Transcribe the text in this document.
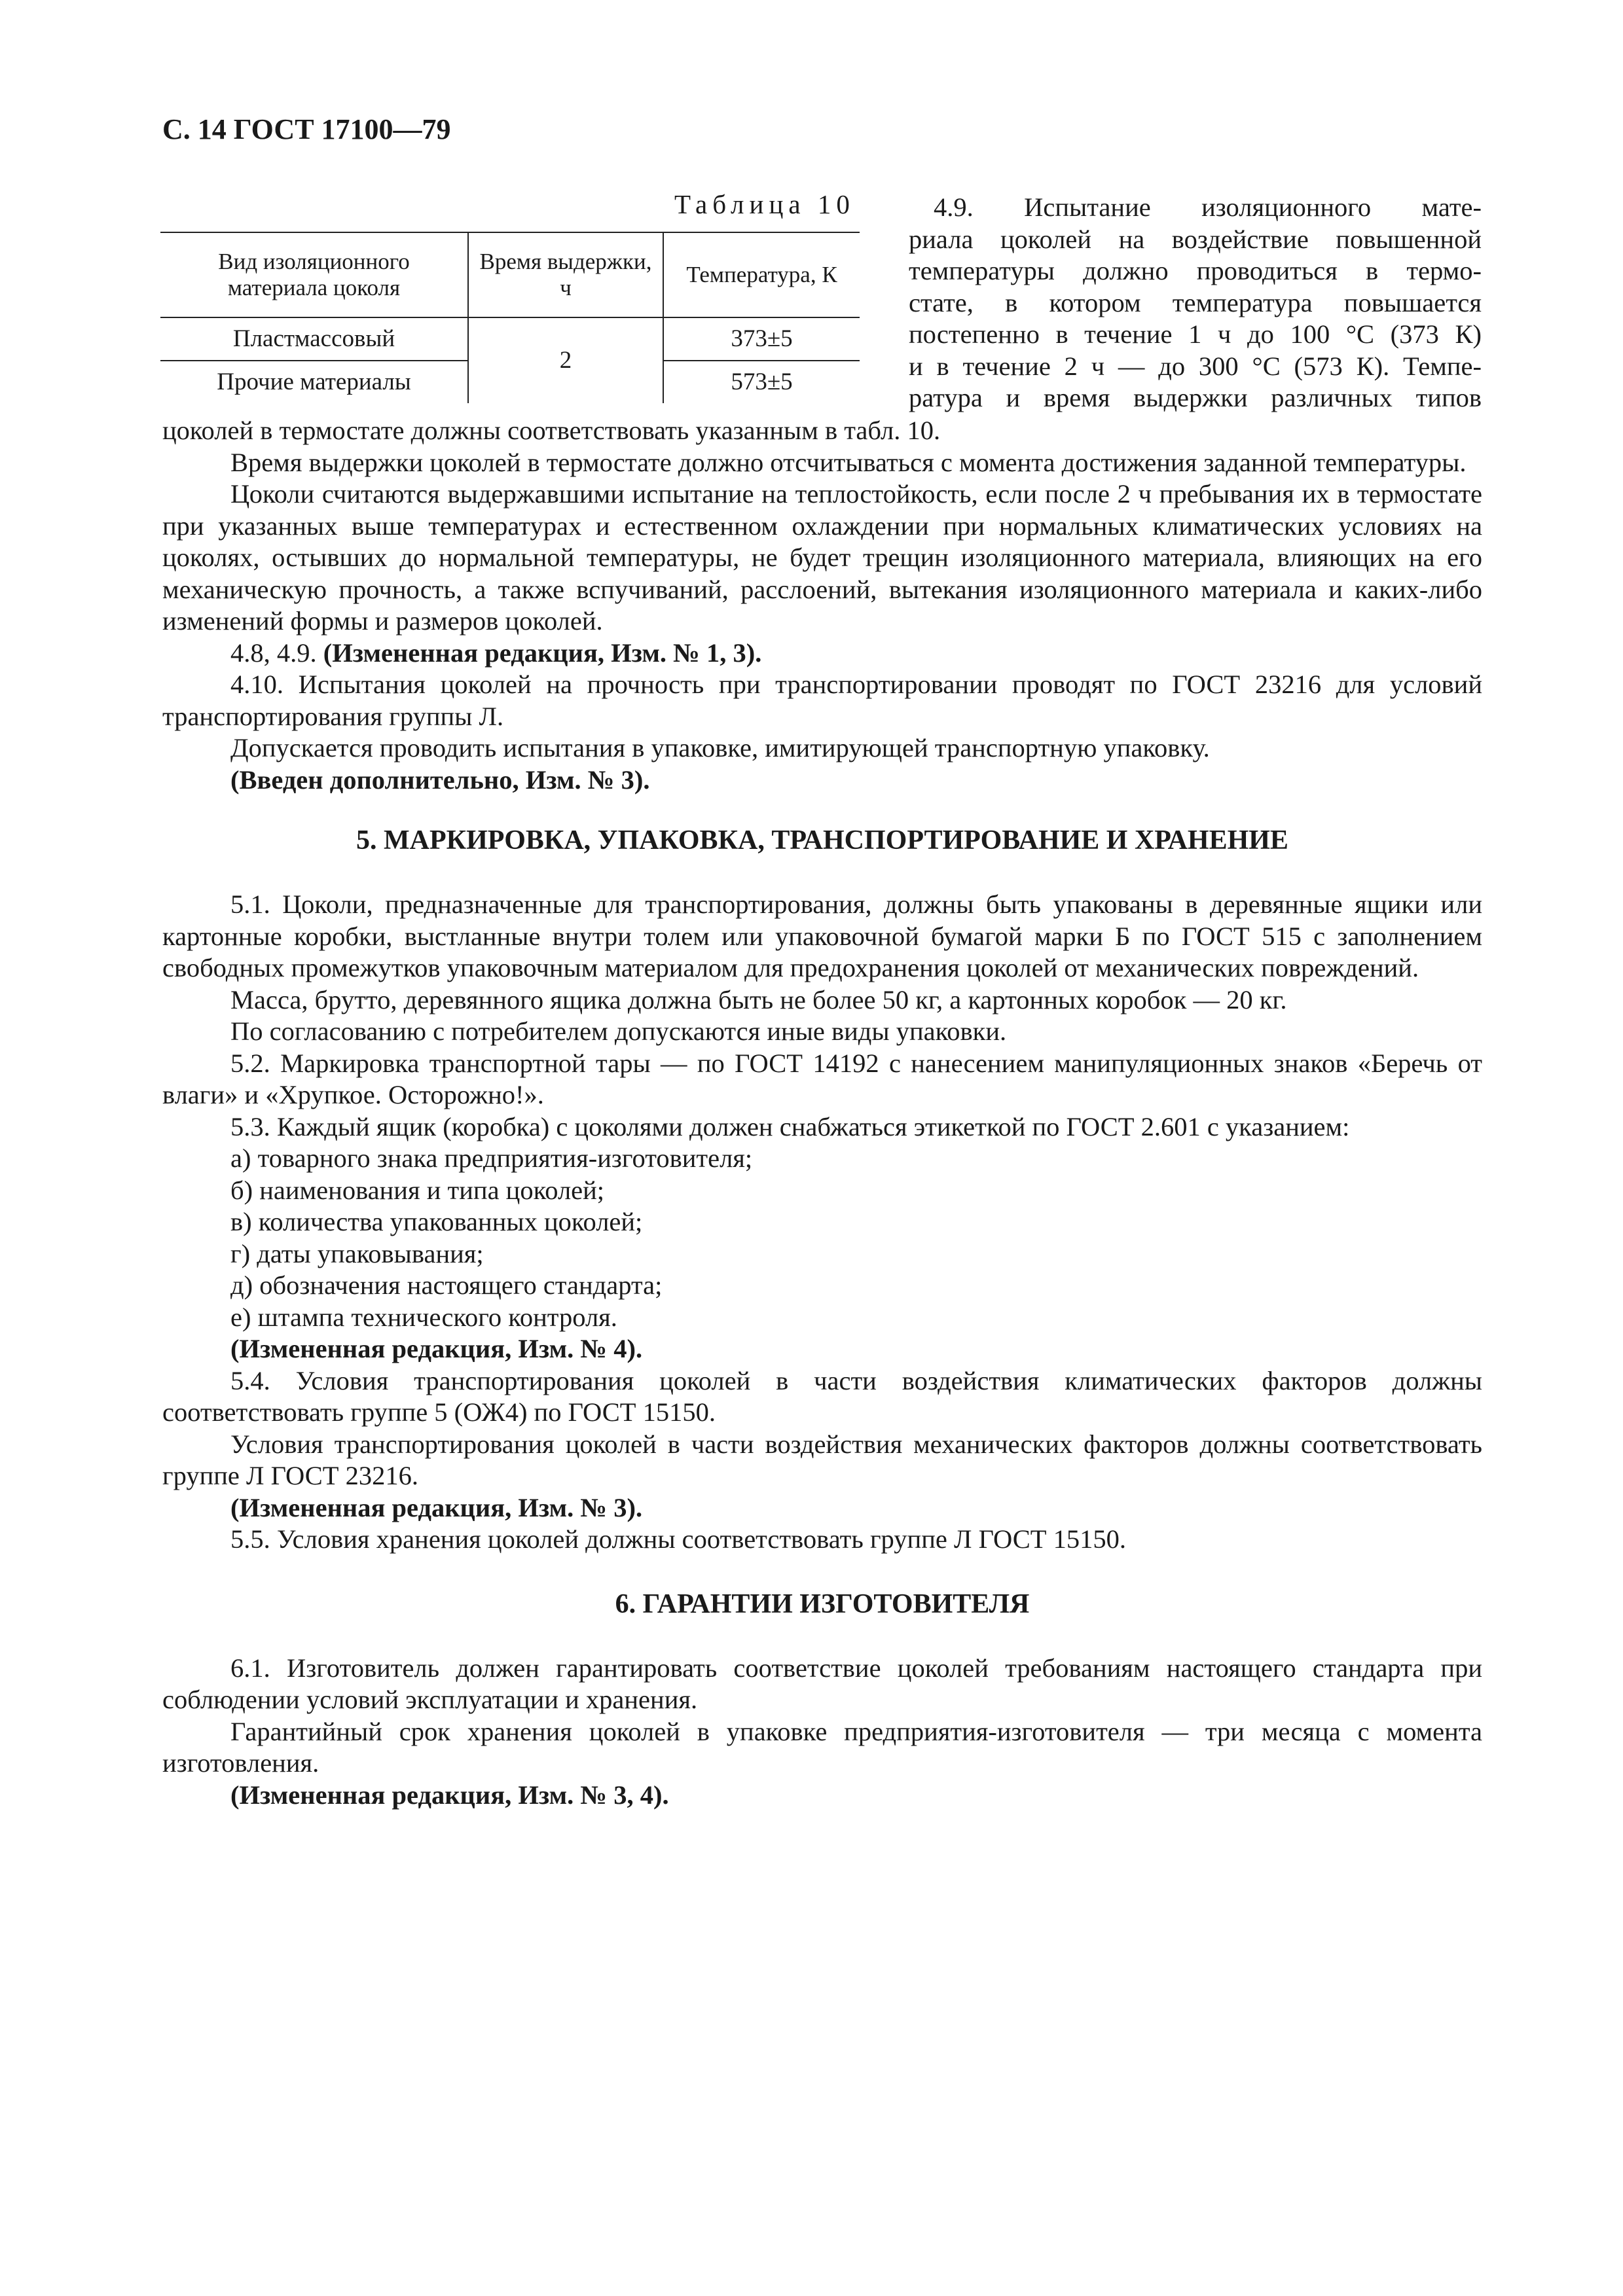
С. 14 ГОСТ 17100—79
Таблица 10
Вид изоляционного материала цоколя	Время выдержки, ч	Температура, К
Пластмассовый	2	373±5
Прочие материалы		573±5

4.9. Испытание изоляционного мате-

риала цоколей на воздействие повышенной

температуры должно проводиться в термо-

стате, в котором температура повышается

постепенно в течение 1 ч до 100 °С (373 К)

и в течение 2 ч — до 300 °С (573 К). Темпе-

ратура и время выдержки различных типов

цоколей в термостате должны соответствовать указанным в табл. 10.

Время выдержки цоколей в термостате должно отсчитываться с момента достижения заданной температуры.

Цоколи считаются выдержавшими испытание на теплостойкость, если после 2 ч пребывания их в термостате при указанных выше температурах и естественном охлаждении при нормальных климатических условиях на цоколях, остывших до нормальной температуры, не будет трещин изоляционного материала, влияющих на его механическую прочность, а также вспучиваний, расслоений, вытекания изоляционного материала и каких-либо изменений формы и размеров цоколей.

4.8, 4.9. (Измененная редакция, Изм. № 1, 3).

4.10. Испытания цоколей на прочность при транспортировании проводят по ГОСТ 23216 для условий транспортирования группы Л.

Допускается проводить испытания в упаковке, имитирующей транспортную упаковку.

(Введен дополнительно, Изм. № 3).

5. МАРКИРОВКА, УПАКОВКА, ТРАНСПОРТИРОВАНИЕ И ХРАНЕНИЕ

5.1. Цоколи, предназначенные для транспортирования, должны быть упакованы в деревянные ящики или картонные коробки, выстланные внутри толем или упаковочной бумагой марки Б по ГОСТ 515 с заполнением свободных промежутков упаковочным материалом для предохранения цоколей от механических повреждений.

Масса, брутто, деревянного ящика должна быть не более 50 кг, а картонных коробок — 20 кг.

По согласованию с потребителем допускаются иные виды упаковки.

5.2. Маркировка транспортной тары — по ГОСТ 14192 с нанесением манипуляционных знаков «Беречь от влаги» и «Хрупкое. Осторожно!».

5.3. Каждый ящик (коробка) с цоколями должен снабжаться этикеткой по ГОСТ 2.601 с указанием:

а) товарного знака предприятия-изготовителя;

б) наименования и типа цоколей;

в) количества упакованных цоколей;

г) даты упаковывания;

д) обозначения настоящего стандарта;

е) штампа технического контроля.

(Измененная редакция, Изм. № 4).

5.4. Условия транспортирования цоколей в части воздействия климатических факторов должны соответствовать группе 5 (ОЖ4) по ГОСТ 15150.

Условия транспортирования цоколей в части воздействия механических факторов должны соответствовать группе Л ГОСТ 23216.

(Измененная редакция, Изм. № 3).

5.5. Условия хранения цоколей должны соответствовать группе Л ГОСТ 15150.

6. ГАРАНТИИ ИЗГОТОВИТЕЛЯ

6.1. Изготовитель должен гарантировать соответствие цоколей требованиям настоящего стандарта при соблюдении условий эксплуатации и хранения.

Гарантийный срок хранения цоколей в упаковке предприятия-изготовителя — три месяца с момента изготовления.

(Измененная редакция, Изм. № 3, 4).
